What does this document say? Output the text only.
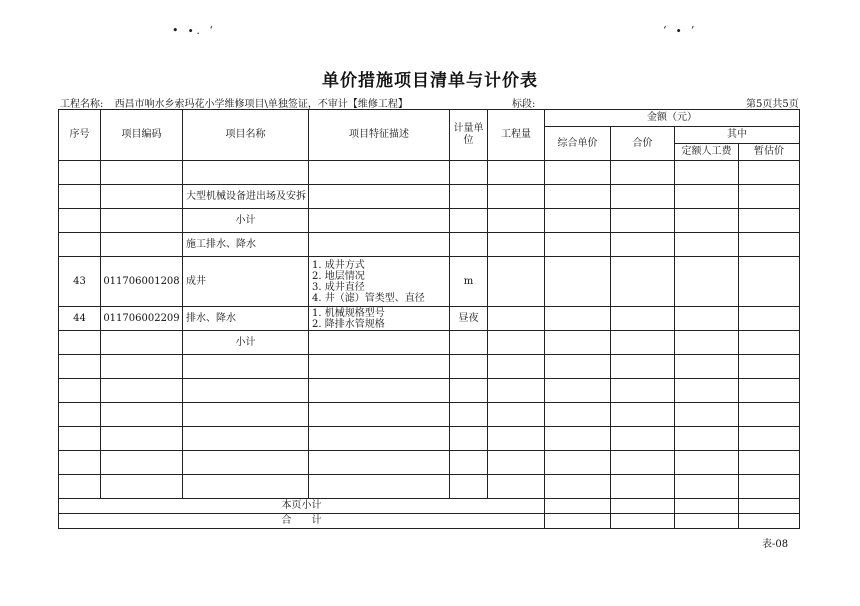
• ∙. ‘	‘ ∙ ’
单价措施项目清单与计价表
工程名称: 西昌市响水乡索玛花小学维修项目\单独签证，不审计【维修工程】	标段:	第5页共5页
序号	项目编码	项目名称	项目特征描述	计量单位	工程量	金额（元）			
						综合单价	合价	其中	
								定额人工费	暂估价

		大型机械设备进出场及安拆							
		小计							
		施工排水、降水							
43	011706001208	成井	1. 成井方式
2. 地层情况
3. 成井直径
4. 井（滤）管类型、直径	m					
44	011706002209	排水、降水	1. 机械规格型号
2. 降排水管规格	昼夜					
		小计							

本页小计									
合　　计									
表-08
